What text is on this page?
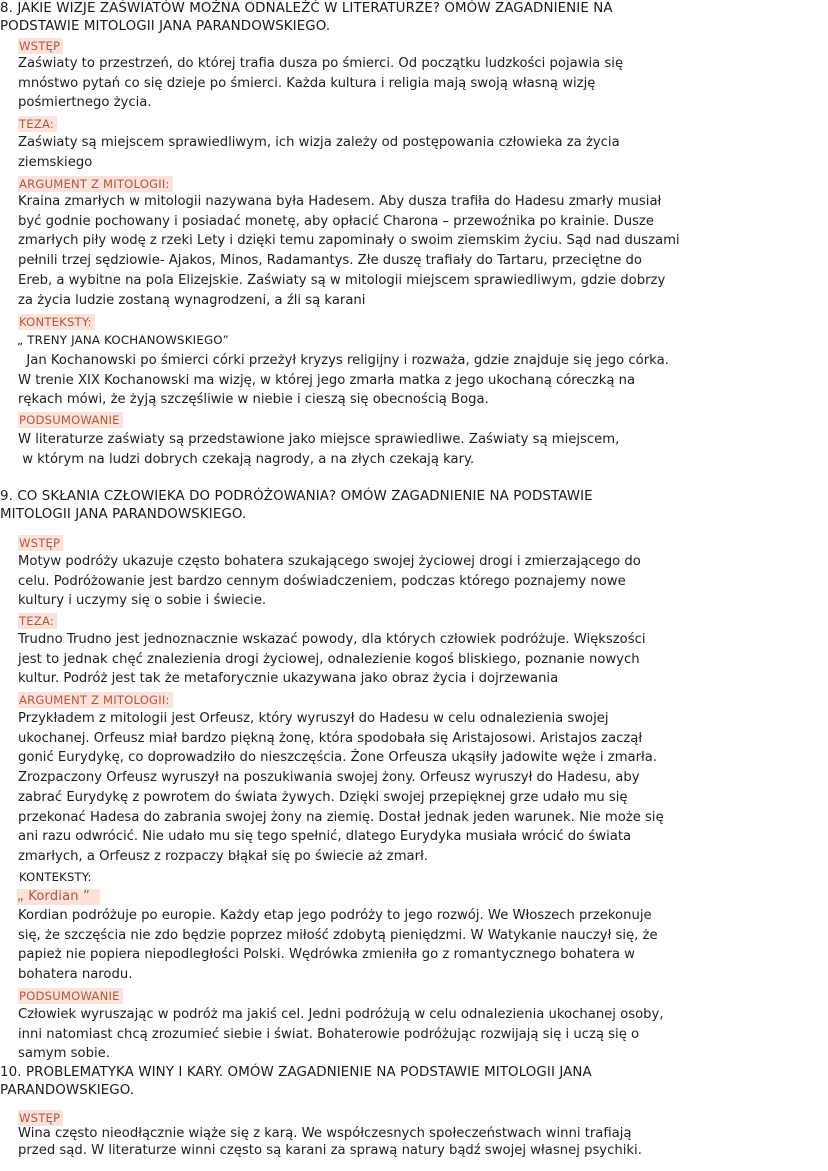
8. JAKIE WIZJE ZAŚWIATÓW MOŻNA ODNALEŹĆ W LITERATURZE? OMÓW ZAGADNIENIE NA
PODSTAWIE MITOLOGII JANA PARANDOWSKIEGO.
WSTĘP
Zaświaty to przestrzeń, do której trafia dusza po śmierci. Od początku ludzkości pojawia się
mnóstwo pytań co się dzieje po śmierci. Każda kultura i religia mają swoją własną wizję
pośmiertnego życia.
TEZA:
Zaświaty są miejscem sprawiedliwym, ich wizja zależy od postępowania człowieka za życia
ziemskiego
ARGUMENT Z MITOLOGII:
Kraina zmarłych w mitologii nazywana była Hadesem. Aby dusza trafiła do Hadesu zmarły musiał
być godnie pochowany i posiadać monetę, aby opłacić Charona – przewoźnika po krainie. Dusze
zmarłych piły wodę z rzeki Lety i dzięki temu zapominały o swoim ziemskim życiu. Sąd nad duszami
pełnili trzej sędziowie- Ajakos, Minos, Radamantys. Złe duszę trafiały do Tartaru, przeciętne do
Ereb, a wybitne na pola Elizejskie. Zaświaty są w mitologii miejscem sprawiedliwym, gdzie dobrzy
za życia ludzie zostaną wynagrodzeni, a źli są karani
KONTEKSTY:
„ TRENY JANA KOCHANOWSKIEGO”
Jan Kochanowski po śmierci córki przeżył kryzys religijny i rozważa, gdzie znajduje się jego córka.
W trenie XIX Kochanowski ma wizję, w której jego zmarła matka z jego ukochaną córeczką na
rękach mówi, że żyją szczęśliwie w niebie i cieszą się obecnością Boga.
PODSUMOWANIE
W literaturze zaświaty są przedstawione jako miejsce sprawiedliwe. Zaświaty są miejscem,
w którym na ludzi dobrych czekają nagrody, a na złych czekają kary.
9. CO SKŁANIA CZŁOWIEKA DO PODRÓŻOWANIA? OMÓW ZAGADNIENIE NA PODSTAWIE
MITOLOGII JANA PARANDOWSKIEGO.
WSTĘP
Motyw podróży ukazuje często bohatera szukającego swojej życiowej drogi i zmierzającego do
celu. Podróżowanie jest bardzo cennym doświadczeniem, podczas którego poznajemy nowe
kultury i uczymy się o sobie i świecie.
TEZA:
Trudno Trudno jest jednoznacznie wskazać powody, dla których człowiek podróżuje. Większości
jest to jednak chęć znalezienia drogi życiowej, odnalezienie kogoś bliskiego, poznanie nowych
kultur. Podróż jest tak że metaforycznie ukazywana jako obraz życia i dojrzewania
ARGUMENT Z MITOLOGII:
Przykładem z mitologii jest Orfeusz, który wyruszył do Hadesu w celu odnalezienia swojej
ukochanej. Orfeusz miał bardzo piękną żonę, która spodobała się Aristajosowi. Aristajos zaczął
gonić Eurydykę, co doprowadziło do nieszczęścia. Żone Orfeusza ukąsiły jadowite węże i zmarła.
Zrozpaczony Orfeusz wyruszył na poszukiwania swojej żony. Orfeusz wyruszył do Hadesu, aby
zabrać Eurydykę z powrotem do świata żywych. Dzięki swojej przepięknej grze udało mu się
przekonać Hadesa do zabrania swojej żony na ziemię. Dostał jednak jeden warunek. Nie może się
ani razu odwrócić. Nie udało mu się tego spełnić, dlatego Eurydyka musiała wrócić do świata
zmarłych, a Orfeusz z rozpaczy błąkał się po świecie aż zmarł.
KONTEKSTY:
„ Kordian ”
Kordian podróżuje po europie. Każdy etap jego podróży to jego rozwój. We Włoszech przekonuje
się, że szczęścia nie zdo będzie poprzez miłość zdobytą pieniędzmi. W Watykanie nauczył się, że
papież nie popiera niepodległości Polski. Wędrówka zmieniła go z romantycznego bohatera w
bohatera narodu.
PODSUMOWANIE
Człowiek wyruszając w podróż ma jakiś cel. Jedni podróżują w celu odnalezienia ukochanej osoby,
inni natomiast chcą zrozumieć siebie i świat. Bohaterowie podróżując rozwijają się i uczą się o
samym sobie.
10. PROBLEMATYKA WINY I KARY. OMÓW ZAGADNIENIE NA PODSTAWIE MITOLOGII JANA
PARANDOWSKIEGO.
WSTĘP
Wina często nieodłącznie wiąże się z karą. We współczesnych społeczeństwach winni trafiają
przed sąd. W literaturze winni często są karani za sprawą natury bądź swojej własnej psychiki.
